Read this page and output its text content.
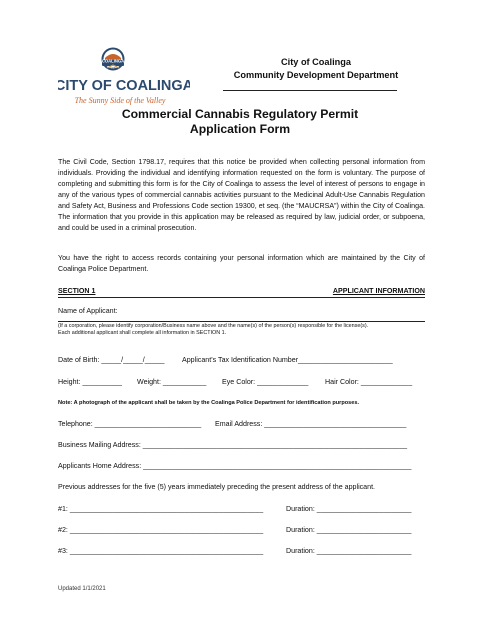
COALINGA
1906
CITY OF COALINGA
The Sunny Side of the Valley
City of Coalinga
Community Development Department
Commercial Cannabis Regulatory Permit
Application Form
The Civil Code, Section 1798.17, requires that this notice be provided when collecting personal information from individuals. Providing the individual and identifying information requested on the form is voluntary. The purpose of completing and submitting this form is for the City of Coalinga to assess the level of interest of persons to engage in any of the various types of commercial cannabis activities pursuant to the Medicinal Adult-Use Cannabis Regulation and Safety Act, Business and Professions Code section 19300, et seq. (the “MAUCRSA”) within the City of Coalinga. The information that you provide in this application may be released as required by law, judicial order, or subpoena, and could be used in a criminal prosecution.
You have the right to access records containing your personal information which are maintained by the City of Coalinga Police Department.
SECTION 1	APPLICANT INFORMATION
Name of Applicant:
(If a corporation, please identify corporation/Business name above and the name(s) of the person(s) responsible for the license(s).
Each additional applicant shall complete all information in SECTION 1.
Date of Birth: _____/_____/_____ Applicant’s Tax Identification Number________________________
Height: __________ Weight: ___________ Eye Color: _____________ Hair Color: _____________
Note: A photograph of the applicant shall be taken by the Coalinga Police Department for identification purposes.
Telephone: ___________________________ Email Address: ____________________________________
Business Mailing Address: ___________________________________________________________________
Applicants Home Address: ____________________________________________________________________
Previous addresses for the five (5) years immediately preceding the present address of the applicant.
#1: _________________________________________________	Duration: ________________________
#2: _________________________________________________	Duration: ________________________
#3: _________________________________________________	Duration: ________________________
Updated 1/1/2021
